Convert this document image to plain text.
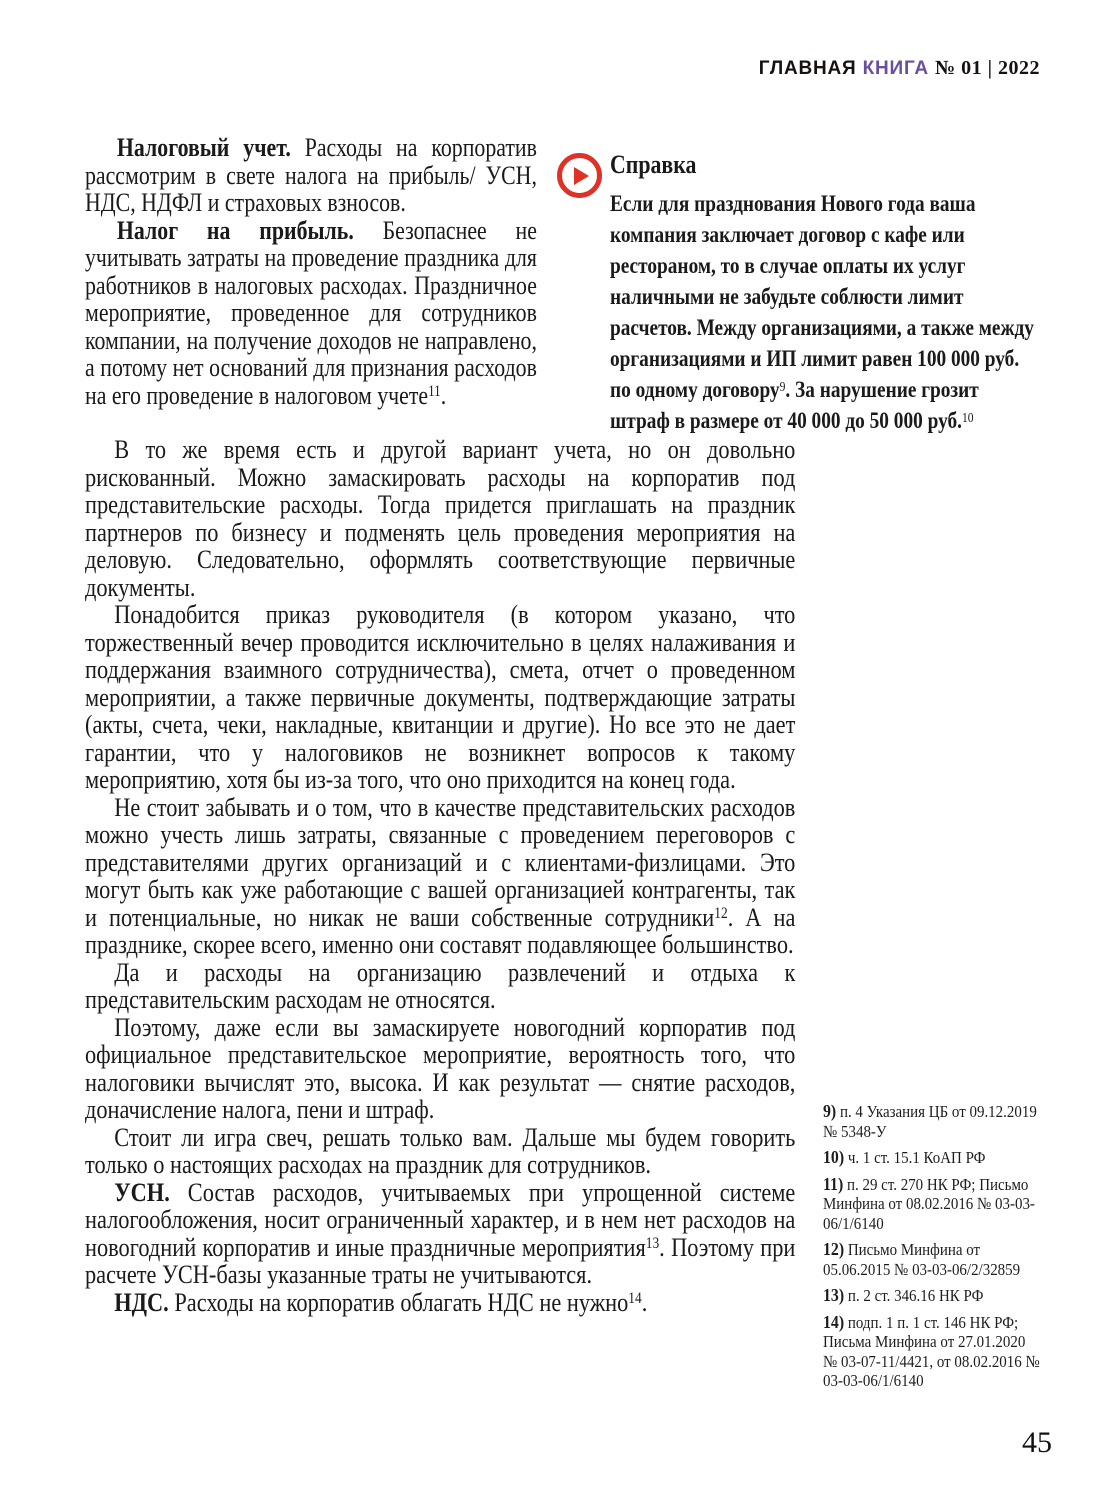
ГЛАВНАЯ КНИГА № 01 | 2022

Налоговый учет. Расходы на корпоратив рассмотрим в свете налога на прибыль/ УСН, НДС, НДФЛ и страховых взносов.

Налог на прибыль. Безопаснее не учитывать затраты на проведение праздника для работников в налоговых расходах. Праздничное мероприятие, проведенное для сотрудников компании, на получение доходов не направлено, а потому нет оснований для признания расходов на его проведение в налоговом учете$^{11}$.

Справка

Если для празднования Нового года ваша компания заключает договор с кафе или рестораном, то в случае оплаты их услуг наличными не забудьте соблюсти лимит расчетов. Между организациями, а также между организациями и ИП лимит равен 100 000 руб. по одному договору$^9$. За нарушение грозит штраф в размере от 40 000 до 50 000 руб.$^{10}$

В то же время есть и другой вариант учета, но он довольно рискованный. Можно замаскировать расходы на корпоратив под представительские расходы. Тогда придется приглашать на праздник партнеров по бизнесу и подменять цель проведения мероприятия на деловую. Следовательно, оформлять соответствующие первичные документы.

Понадобится приказ руководителя (в котором указано, что торжественный вечер проводится исключительно в целях налаживания и поддержания взаимного сотрудничества), смета, отчет о проведенном мероприятии, а также первичные документы, подтверждающие затраты (акты, счета, чеки, накладные, квитанции и другие). Но все это не дает гарантии, что у налоговиков не возникнет вопросов к такому мероприятию, хотя бы из-за того, что оно приходится на конец года.

Не стоит забывать и о том, что в качестве представительских расходов можно учесть лишь затраты, связанные с проведением переговоров с представителями других организаций и с клиентами-физлицами. Это могут быть как уже работающие с вашей организацией контрагенты, так и потенциальные, но никак не ваши собственные сотрудники$^{12}$. А на празднике, скорее всего, именно они составят подавляющее большинство.

Да и расходы на организацию развлечений и отдыха к представительским расходам не относятся.

Поэтому, даже если вы замаскируете новогодний корпоратив под официальное представительское мероприятие, вероятность того, что налоговики вычислят это, высока. И как результат — снятие расходов, доначисление налога, пени и штраф.

Стоит ли игра свеч, решать только вам. Дальше мы будем говорить только о настоящих расходах на праздник для сотрудников.

УСН. Состав расходов, учитываемых при упрощенной системе налогообложения, носит ограниченный характер, и в нем нет расходов на новогодний корпоратив и иные праздничные мероприятия$^{13}$. Поэтому при расчете УСН-базы указанные траты не учитываются.

НДС. Расходы на корпоратив облагать НДС не нужно$^{14}$.

9) п. 4 Указания ЦБ от 09.12.2019 № 5348-У
10) ч. 1 ст. 15.1 КоАП РФ
11) п. 29 ст. 270 НК РФ; Письмо Минфина от 08.02.2016 № 03-03-06/1/6140
12) Письмо Минфина от 05.06.2015 № 03-03-06/2/32859
13) п. 2 ст. 346.16 НК РФ
14) подп. 1 п. 1 ст. 146 НК РФ; Письма Минфина от 27.01.2020 № 03-07-11/4421, от 08.02.2016 № 03-03-06/1/6140
45
